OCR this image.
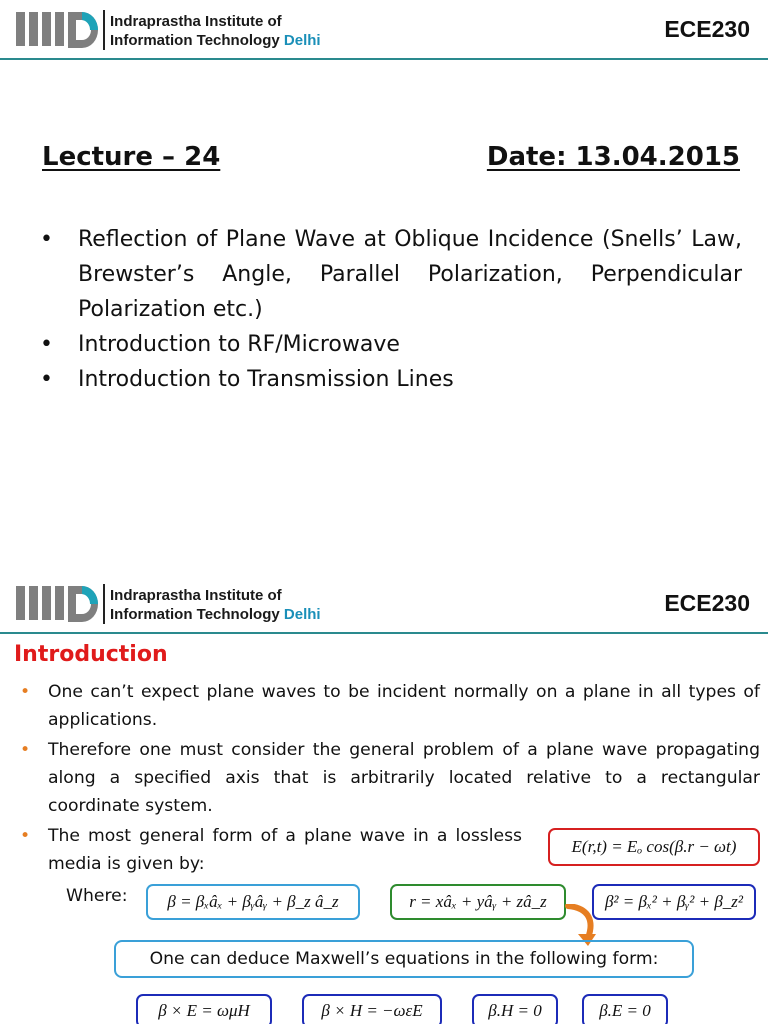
Indraprastha Institute of
Information Technology Delhi	ECE230
Lecture – 24	Date: 13.04.2015
• Reflection of Plane Wave at Oblique Incidence (Snells’ Law, Brewster’s Angle, Parallel Polarization, Perpendicular Polarization etc.)
• Introduction to RF/Microwave
• Introduction to Transmission Lines
Indraprastha Institute of
Information Technology Delhi	ECE230
Introduction
• One can’t expect plane waves to be incident normally on a plane in all types of applications.
• Therefore one must consider the general problem of a plane wave propagating along a specified axis that is arbitrarily located relative to a rectangular coordinate system.
• The most general form of a plane wave in a lossless media is given by:
E(r,t) = Eₒ cos(β.r − ωt)
Where:	β = βₓâₓ + βᵧâᵧ + β_z â_z	r = xâₓ + yâᵧ + zâ_z	β² = βₓ² + βᵧ² + β_z²
One can deduce Maxwell’s equations in the following form:
β × E = ωμH	β × H = −ωεE	β.H = 0	β.E = 0
